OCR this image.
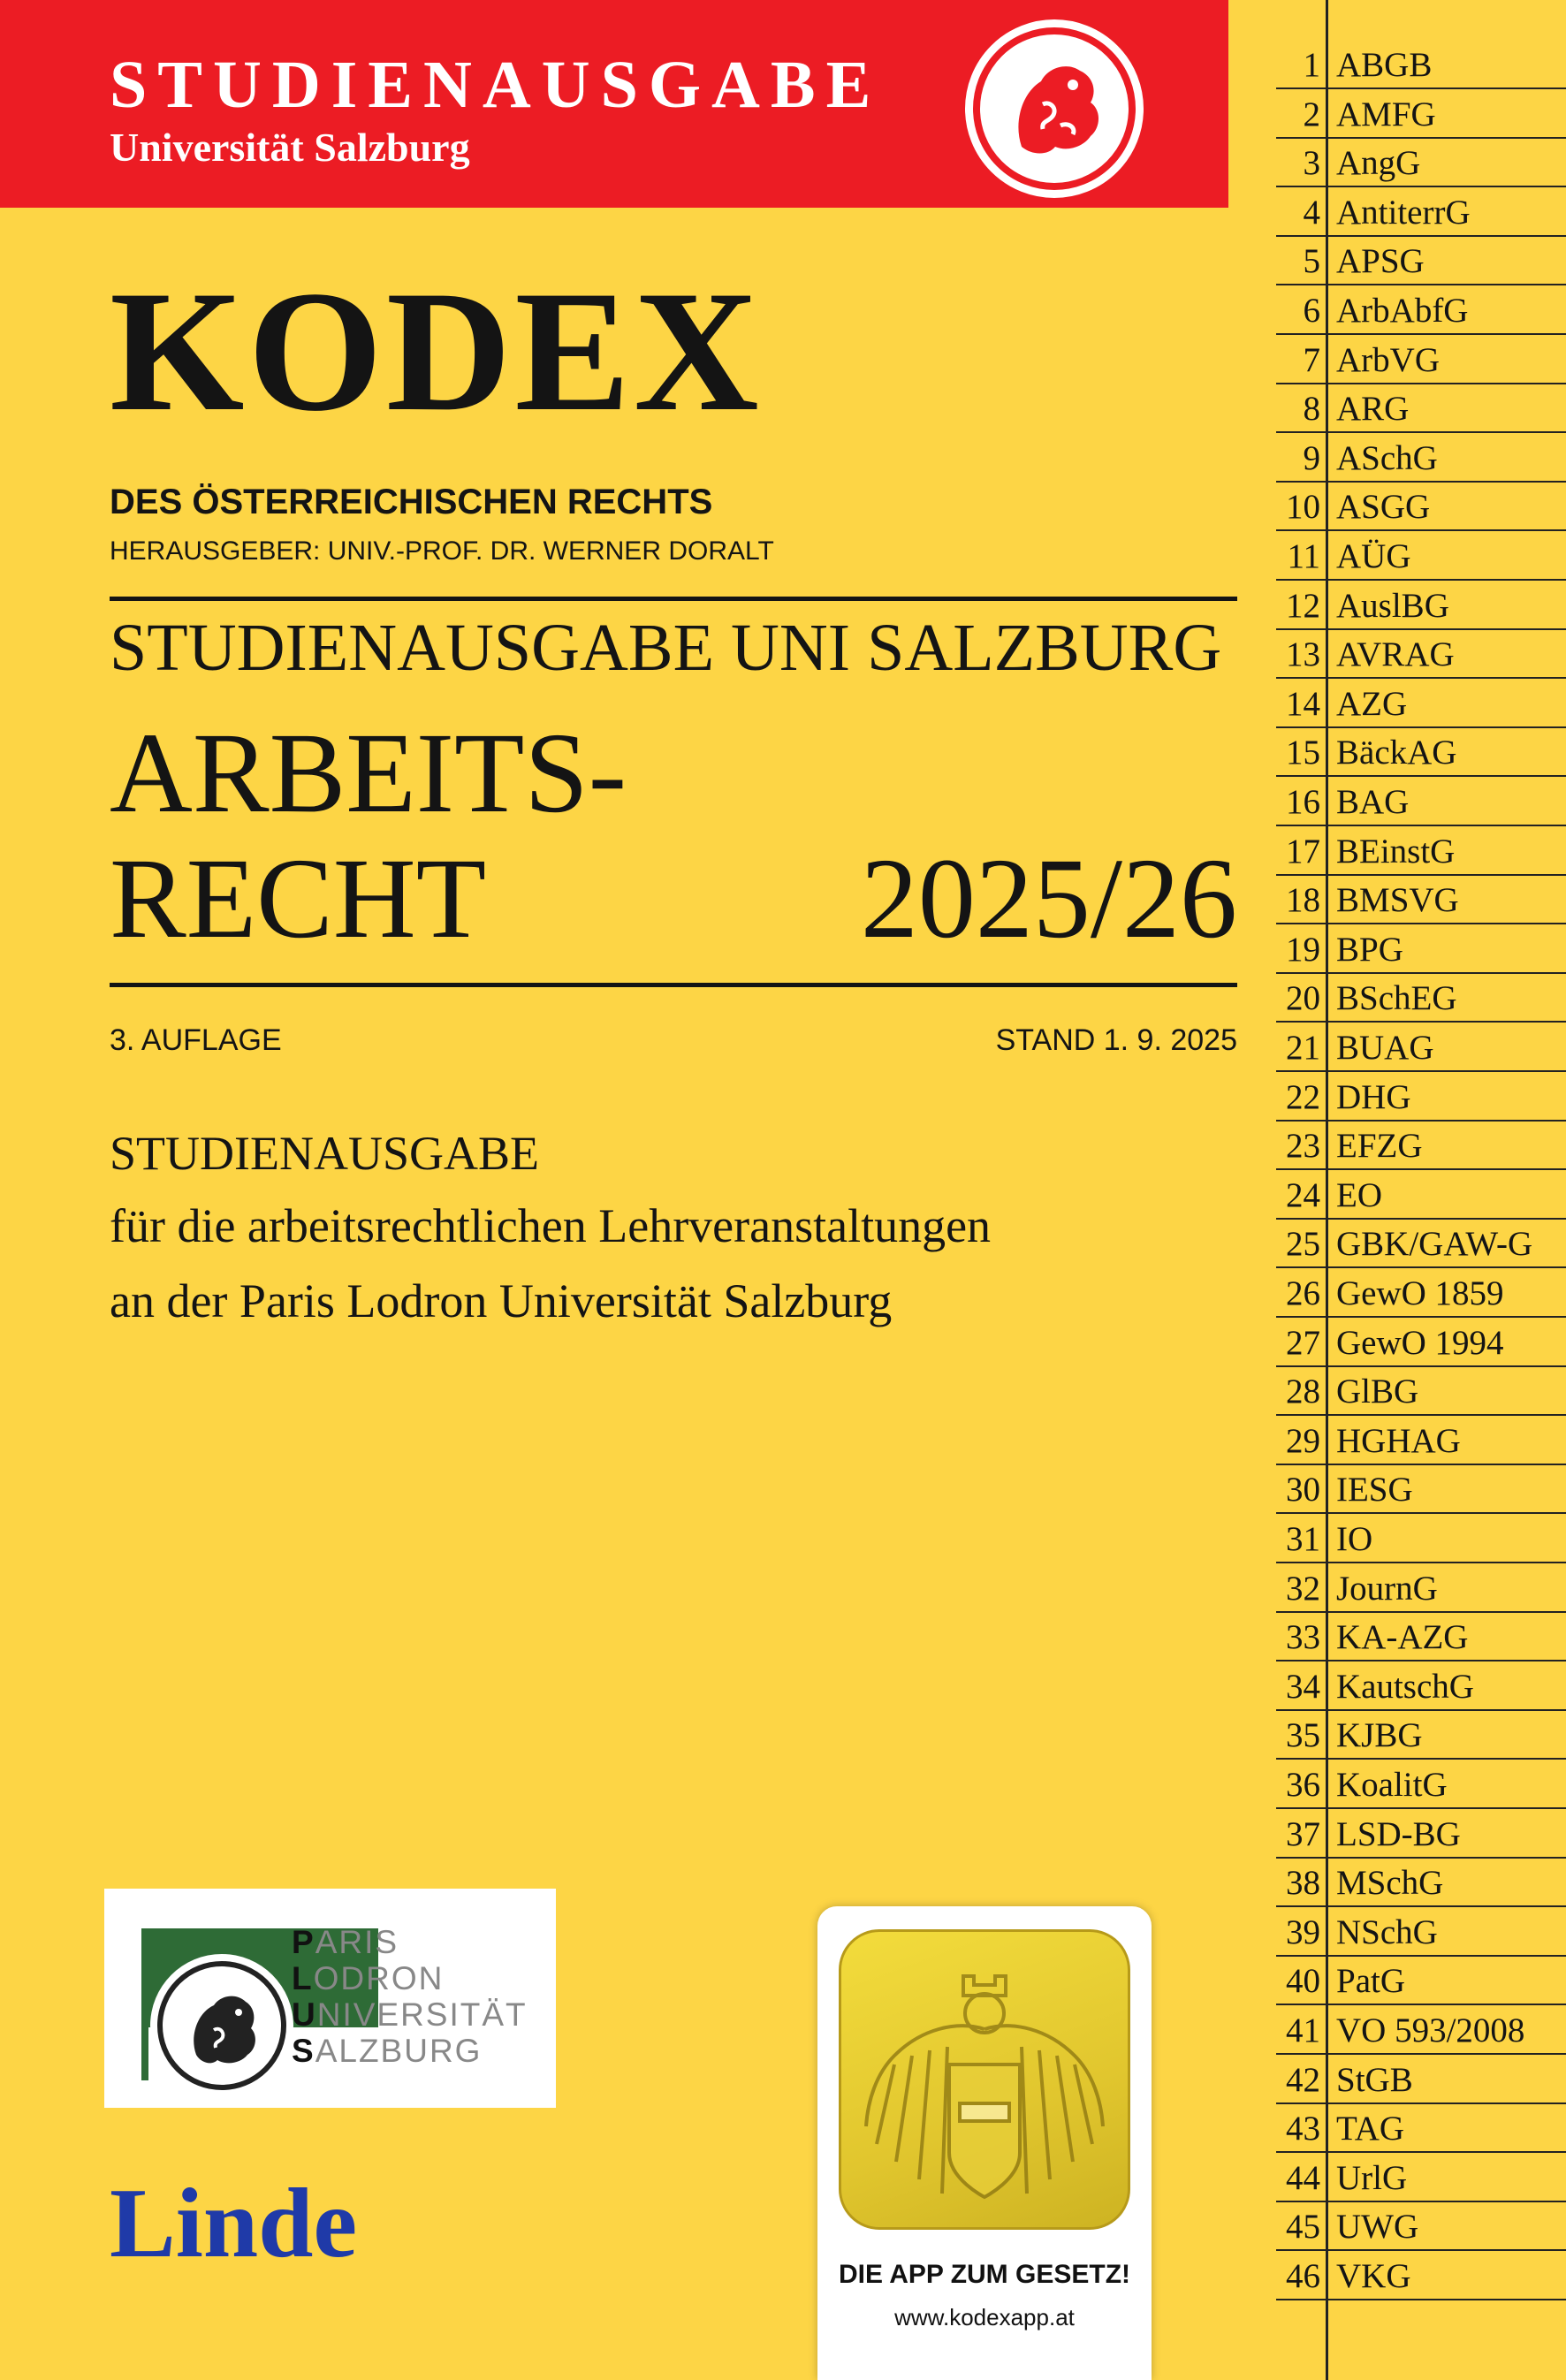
STUDIENAUSGABE
Universität Salzburg
KODEX
DES ÖSTERREICHISCHEN RECHTS
HERAUSGEBER: UNIV.-PROF. DR. WERNER DORALT
STUDIENAUSGABE UNI SALZBURG
ARBEITS-
RECHT	2025/26
3. AUFLAGE	STAND 1. 9. 2025
STUDIENAUSGABE
für die arbeitsrechtlichen Lehrveranstaltungen
an der Paris Lodron Universität Salzburg
PARIS
LODRON
UNIVERSITÄT
SALZBURG
Linde	DIE APP ZUM GESETZ!
www.kodexapp.at
1 ABGB
2 AMFG
3 AngG
4 AntiterrG
5 APSG
6 ArbAbfG
7 ArbVG
8 ARG
9 ASchG
10 ASGG
11 AÜG
12 AuslBG
13 AVRAG
14 AZG
15 BäckAG
16 BAG
17 BEinstG
18 BMSVG
19 BPG
20 BSchEG
21 BUAG
22 DHG
23 EFZG
24 EO
25 GBK/GAW-G
26 GewO 1859
27 GewO 1994
28 GlBG
29 HGHAG
30 IESG
31 IO
32 JournG
33 KA-AZG
34 KautschG
35 KJBG
36 KoalitG
37 LSD-BG
38 MSchG
39 NSchG
40 PatG
41 VO 593/2008
42 StGB
43 TAG
44 UrlG
45 UWG
46 VKG
